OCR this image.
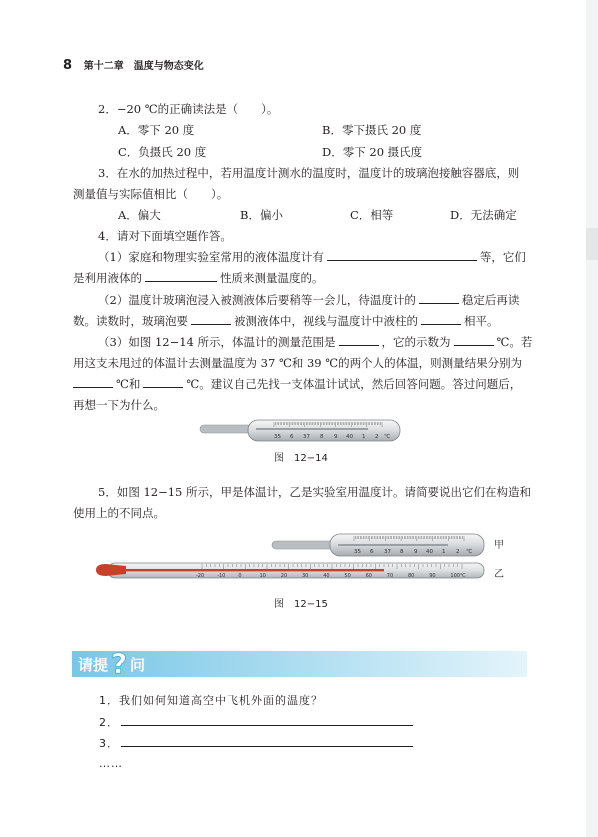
8 第十二章　温度与物态变化
2．−20 ℃的正确读法是（　　）。
A．零下 20 度	B．零下摄氏 20 度
C．负摄氏 20 度	D．零下 20 摄氏度
3．在水的加热过程中，若用温度计测水的温度时，温度计的玻璃泡接触容器底，则
测量值与实际值相比（　　）。
A．偏大	B．偏小	C．相等	D．无法确定
4．请对下面填空题作答。
（1）家庭和物理实验室常用的液体温度计有	等，它们
是利用液体的	性质来测量温度的。
（2）温度计玻璃泡浸入被测液体后要稍等一会儿，待温度计的	稳定后再读
数。读数时，玻璃泡要	被测液体中，视线与温度计中液柱的	相平。
（3）如图 12−14 所示，体温计的测量范围是	，它的示数为	℃。若
用这支未甩过的体温计去测量温度为 37 ℃和 39 ℃的两个人的体温，则测量结果分别为
℃和	℃。建议自己先找一支体温计试试，然后回答问题。答过问题后，
再想一下为什么。
35 6 37 8 9 40 1 2 ℃
图　12−14
5．如图 12−15 所示，甲是体温计，乙是实验室用温度计。请简要说出它们在构造和
使用上的不同点。
35 6 37 8 9 40 1 2 ℃
-20	-10	0	10	20	30	40	50	60	70	80	90	100 ℃
甲
乙
图　12−15
请提 ? 问
1．我们如何知道高空中飞机外面的温度？
2．
3．
……
